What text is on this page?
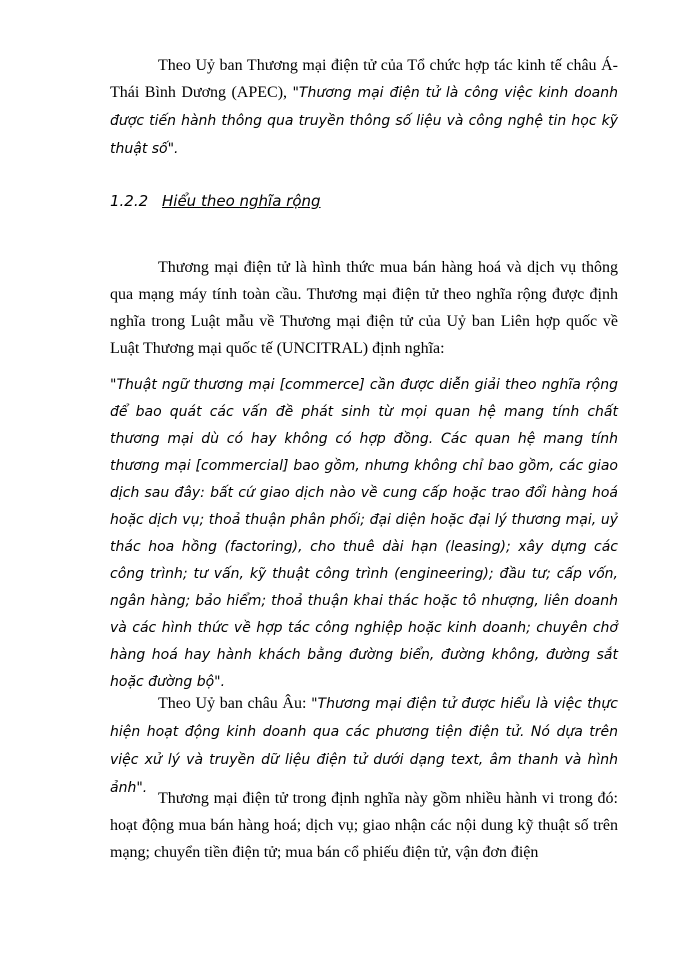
Theo Uỷ ban Thương mại điện tử của Tổ chức hợp tác kinh tế châu Á-Thái Bình Dương (APEC), "Thương mại điện tử là công việc kinh doanh được tiến hành thông qua truyền thông số liệu và công nghệ tin học kỹ thuật số".

1.2.2 Hiểu theo nghĩa rộng

Thương mại điện tử là hình thức mua bán hàng hoá và dịch vụ thông qua mạng máy tính toàn cầu. Thương mại điện tử theo nghĩa rộng được định nghĩa trong Luật mẫu về Thương mại điện tử của Uỷ ban Liên hợp quốc về Luật Thương mại quốc tế (UNCITRAL) định nghĩa:

"Thuật ngữ thương mại [commerce] cần được diễn giải theo nghĩa rộng để bao quát các vấn đề phát sinh từ mọi quan hệ mang tính chất thương mại dù có hay không có hợp đồng. Các quan hệ mang tính thương mại [commercial] bao gồm, nhưng không chỉ bao gồm, các giao dịch sau đây: bất cứ giao dịch nào về cung cấp hoặc trao đổi hàng hoá hoặc dịch vụ; thoả thuận phân phối; đại diện hoặc đại lý thương mại, uỷ thác hoa hồng (factoring), cho thuê dài hạn (leasing); xây dựng các công trình; tư vấn, kỹ thuật công trình (engineering); đầu tư; cấp vốn, ngân hàng; bảo hiểm; thoả thuận khai thác hoặc tô nhượng, liên doanh và các hình thức về hợp tác công nghiệp hoặc kinh doanh; chuyên chở hàng hoá hay hành khách bằng đường biển, đường không, đường sắt hoặc đường bộ".

Theo Uỷ ban châu Âu: "Thương mại điện tử được hiểu là việc thực hiện hoạt động kinh doanh qua các phương tiện điện tử. Nó dựa trên việc xử lý và truyền dữ liệu điện tử dưới dạng text, âm thanh và hình ảnh".

Thương mại điện tử trong định nghĩa này gồm nhiều hành vi trong đó: hoạt động mua bán hàng hoá; dịch vụ; giao nhận các nội dung kỹ thuật số trên mạng; chuyển tiền điện tử; mua bán cổ phiếu điện tử, vận đơn điện
